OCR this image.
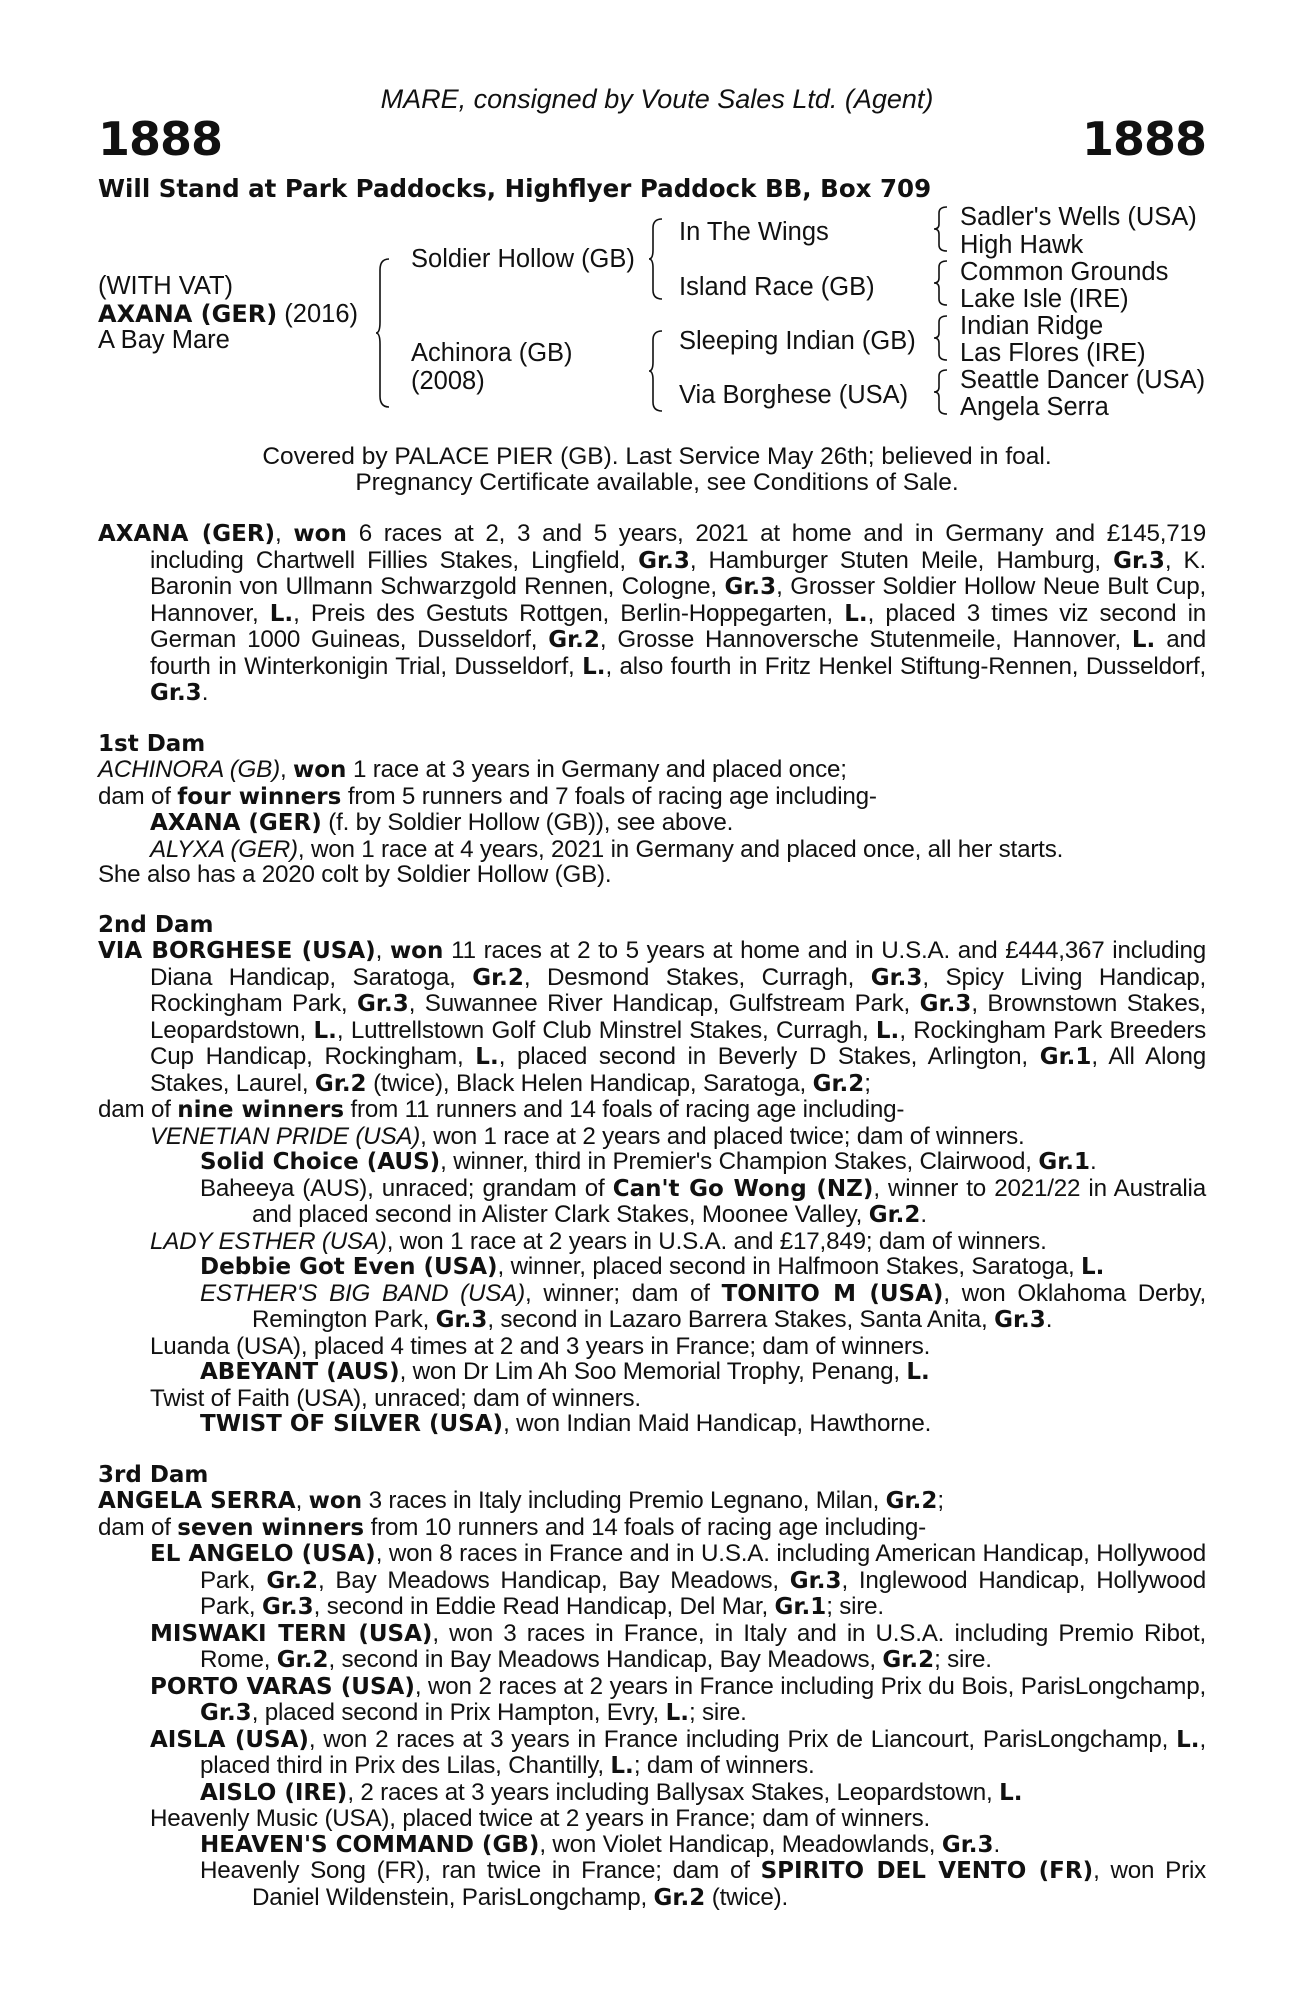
MARE, consigned by Voute Sales Ltd. (Agent)
1888	1888
Will Stand at Park Paddocks, Highflyer Paddock BB, Box 709
(WITH VAT)
AXANA (GER) (2016)
A Bay Mare
Soldier Hollow (GB)
Achinora (GB)
(2008)
In The Wings
Island Race (GB)
Sleeping Indian (GB)
Via Borghese (USA)
Sadler's Wells (USA)
High Hawk
Common Grounds
Lake Isle (IRE)
Indian Ridge
Las Flores (IRE)
Seattle Dancer (USA)
Angela Serra
Covered by PALACE PIER (GB). Last Service May 26th; believed in foal.
Pregnancy Certificate available, see Conditions of Sale.

AXANA (GER), won 6 races at 2, 3 and 5 years, 2021 at home and in Germany and £145,719 including Chartwell Fillies Stakes, Lingfield, Gr.3, Hamburger Stuten Meile, Hamburg, Gr.3, K. Baronin von Ullmann Schwarzgold Rennen, Cologne, Gr.3, Grosser Soldier Hollow Neue Bult Cup, Hannover, L., Preis des Gestuts Rottgen, Berlin-Hoppegarten, L., placed 3 times viz second in German 1000 Guineas, Dusseldorf, Gr.2, Grosse Hannoversche Stutenmeile, Hannover, L. and fourth in Winterkonigin Trial, Dusseldorf, L., also fourth in Fritz Henkel Stiftung-Rennen, Dusseldorf, Gr.3.

1st Dam

ACHINORA (GB), won 1 race at 3 years in Germany and placed once;

dam of four winners from 5 runners and 7 foals of racing age including-

AXANA (GER) (f. by Soldier Hollow (GB)), see above.

ALYXA (GER), won 1 race at 4 years, 2021 in Germany and placed once, all her starts.

She also has a 2020 colt by Soldier Hollow (GB).

2nd Dam

VIA BORGHESE (USA), won 11 races at 2 to 5 years at home and in U.S.A. and £444,367 including Diana Handicap, Saratoga, Gr.2, Desmond Stakes, Curragh, Gr.3, Spicy Living Handicap, Rockingham Park, Gr.3, Suwannee River Handicap, Gulfstream Park, Gr.3, Brownstown Stakes, Leopardstown, L., Luttrellstown Golf Club Minstrel Stakes, Curragh, L., Rockingham Park Breeders Cup Handicap, Rockingham, L., placed second in Beverly D Stakes, Arlington, Gr.1, All Along Stakes, Laurel, Gr.2 (twice), Black Helen Handicap, Saratoga, Gr.2;

dam of nine winners from 11 runners and 14 foals of racing age including-

VENETIAN PRIDE (USA), won 1 race at 2 years and placed twice; dam of winners.

Solid Choice (AUS), winner, third in Premier's Champion Stakes, Clairwood, Gr.1.

Baheeya (AUS), unraced; grandam of Can't Go Wong (NZ), winner to 2021/22 in Australia and placed second in Alister Clark Stakes, Moonee Valley, Gr.2.

LADY ESTHER (USA), won 1 race at 2 years in U.S.A. and £17,849; dam of winners.

Debbie Got Even (USA), winner, placed second in Halfmoon Stakes, Saratoga, L.

ESTHER'S BIG BAND (USA), winner; dam of TONITO M (USA), won Oklahoma Derby, Remington Park, Gr.3, second in Lazaro Barrera Stakes, Santa Anita, Gr.3.

Luanda (USA), placed 4 times at 2 and 3 years in France; dam of winners.

ABEYANT (AUS), won Dr Lim Ah Soo Memorial Trophy, Penang, L.

Twist of Faith (USA), unraced; dam of winners.

TWIST OF SILVER (USA), won Indian Maid Handicap, Hawthorne.

3rd Dam

ANGELA SERRA, won 3 races in Italy including Premio Legnano, Milan, Gr.2;

dam of seven winners from 10 runners and 14 foals of racing age including-

EL ANGELO (USA), won 8 races in France and in U.S.A. including American Handicap, Hollywood Park, Gr.2, Bay Meadows Handicap, Bay Meadows, Gr.3, Inglewood Handicap, Hollywood Park, Gr.3, second in Eddie Read Handicap, Del Mar, Gr.1; sire.

MISWAKI TERN (USA), won 3 races in France, in Italy and in U.S.A. including Premio Ribot, Rome, Gr.2, second in Bay Meadows Handicap, Bay Meadows, Gr.2; sire.

PORTO VARAS (USA), won 2 races at 2 years in France including Prix du Bois, ParisLongchamp, Gr.3, placed second in Prix Hampton, Evry, L.; sire.

AISLA (USA), won 2 races at 3 years in France including Prix de Liancourt, ParisLongchamp, L., placed third in Prix des Lilas, Chantilly, L.; dam of winners.

AISLO (IRE), 2 races at 3 years including Ballysax Stakes, Leopardstown, L.

Heavenly Music (USA), placed twice at 2 years in France; dam of winners.

HEAVEN'S COMMAND (GB), won Violet Handicap, Meadowlands, Gr.3.

Heavenly Song (FR), ran twice in France; dam of SPIRITO DEL VENTO (FR), won Prix Daniel Wildenstein, ParisLongchamp, Gr.2 (twice).
